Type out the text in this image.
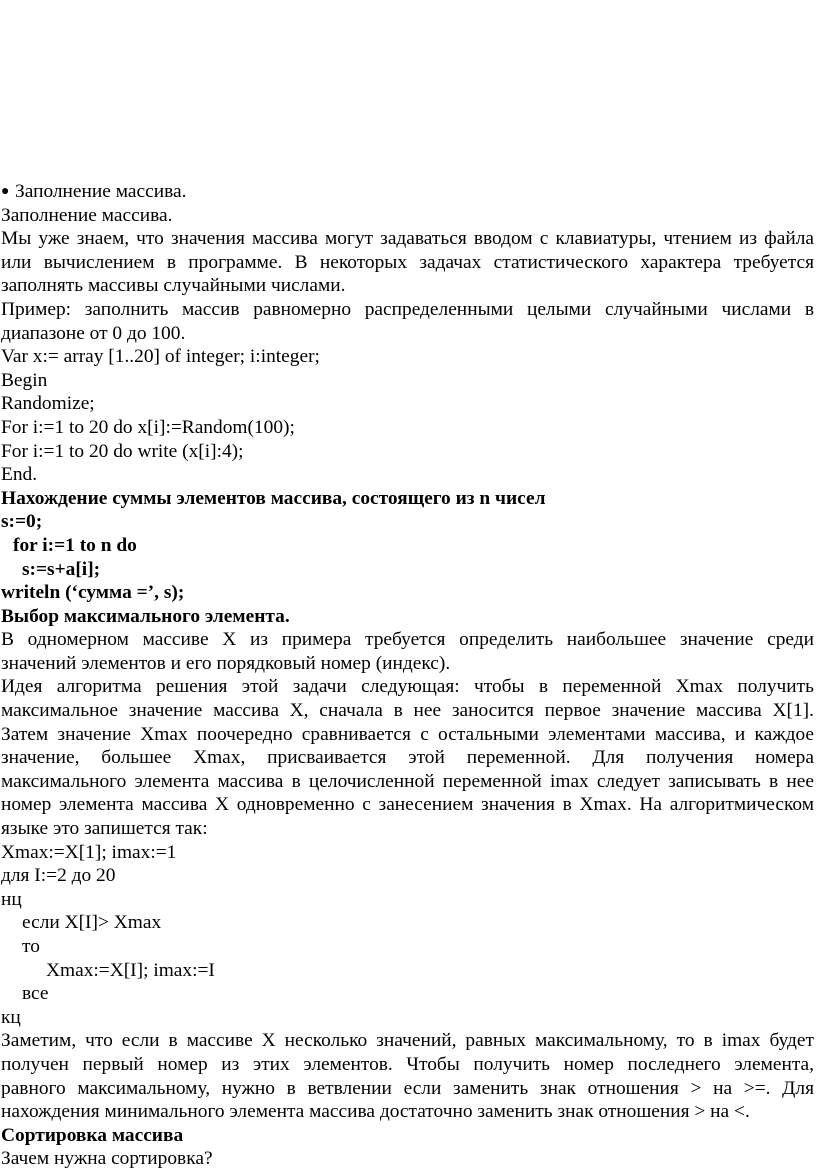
● Заполнение массива.
Заполнение массива.
Мы уже знаем, что значения массива могут задаваться вводом с клавиатуры, чтением из файла
или вычислением в программе. В некоторых задачах статистического характера требуется
заполнять массивы случайными числами.
Пример: заполнить массив равномерно распределенными целыми случайными числами в
диапазоне от 0 до 100.
Var x:= array [1..20] of integer; i:integer;
Begin
Randomize;
For i:=1 to 20 do x[i]:=Random(100);
For i:=1 to 20 do write (x[i]:4);
End.
Нахождение суммы элементов массива, состоящего из n чисел
s:=0;
for i:=1 to n do
s:=s+a[i];
writeln (‘сумма =’, s);
Выбор максимального элемента.
В одномерном массиве X из примера требуется определить наибольшее значение среди
значений элементов и его порядковый номер (индекс).
Идея алгоритма решения этой задачи следующая: чтобы в переменной Xmax получить
максимальное значение массива X, сначала в нее заносится первое значение массива X[1].
Затем значение Xmax поочередно сравнивается с остальными элементами массива, и каждое
значение, большее Xmax, присваивается этой переменной. Для получения номера
максимального элемента массива в целочисленной переменной imax следует записывать в нее
номер элемента массива X одновременно с занесением значения в Xmax. На алгоритмическом
языке это запишется так:
Xmax:=X[1]; imax:=1
для I:=2 до 20
нц
если X[I]> Xmax
то
Xmax:=X[I]; imax:=I
все
кц
Заметим, что если в массиве X несколько значений, равных максимальному, то в imax будет
получен первый номер из этих элементов. Чтобы получить номер последнего элемента,
равного максимальному, нужно в ветвлении если заменить знак отношения > на >=. Для
нахождения минимального элемента массива достаточно заменить знак отношения > на <.
Сортировка массива
Зачем нужна сортировка?
